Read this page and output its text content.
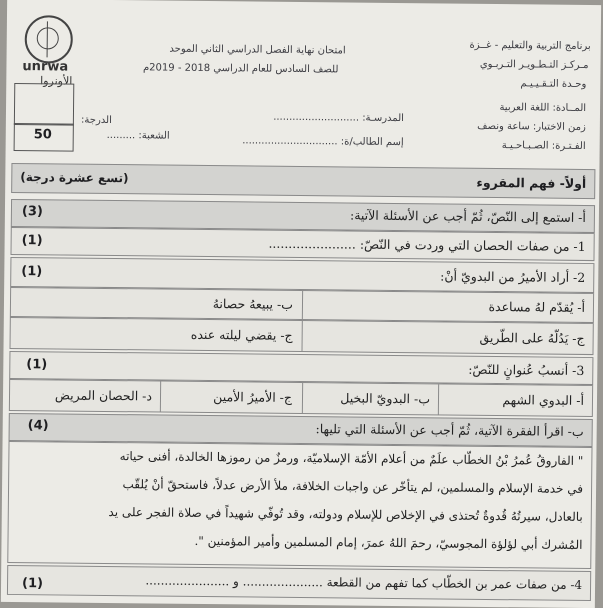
unrwa
الأونروا
برنامج التربية والتعليم - غــزة
مـركـز التـطـويـر التـربـوي
وحـدة التـقـيـيـم
امتحان نهاية الفصل الدراسي الثاني الموحد
للصف السادس للعام الدراسي 2018 - 2019م
50
الدرجة:
المــادة: اللغة العربية
زمن الاختبار: ساعة ونصف
الفـتـرة: الصـبـاحـيـة
المدرسـة: ...........................
إسم الطالب/ة: ..............................
الشعبة: .........
أولاً- فهم المقروء
(تسع عشرة درجة)
أ- استمع إلى النّصّ، ثُمّ أجب عن الأسئلة الآتية:
(3)
1- من صفات الحصان التي وردت في النّصّ: ......................
(1)
2- أراد الأميرُ من البدويّ أنْ:
(1)
أ- يُقدّم لهُ مساعدة
ب- يبيعهُ حصانهُ
ج- يَدُلّهُ على الطّريق
ج- يقضي ليلته عنده
3- أنسبُ عُنوانٍ للنّصّ:
(1)
أ- البدوي الشهم
ب- البدويّ البخيل
ج- الأميرُ الأمين
د- الحصان المريض
ب- اقرأ الفقرة الآتية، ثُمّ أجب عن الأسئلة التي تليها:
(4)
" الفاروقُ عُمرُ بْنُ الخطّاب علَمٌ من أعلام الأمّة الإسلاميّة، ورمزٌ من رموزها الخالدة، أفنى حياته
في خدمة الإسلام والمسلمين، لم يتأخّر عن واجبات الخلافة، ملأ الأرض عدلاً، فاستحقّ أنْ يُلقّب
بالعادل، سيرتُهُ قُدوةٌ تُحتذى في الإخلاص للإسلام ودولته، وقد تُوفّي شهيداً في صلاة الفجر على يد
المُشرك أبي لؤلؤة المجوسيّ، رحمَ اللهُ عمرَ، إمام المسلمين وأمير المؤمنين ".
4- من صفات عمر بن الخطّاب كما تفهم من القطعة ..................... و ......................
(1)
